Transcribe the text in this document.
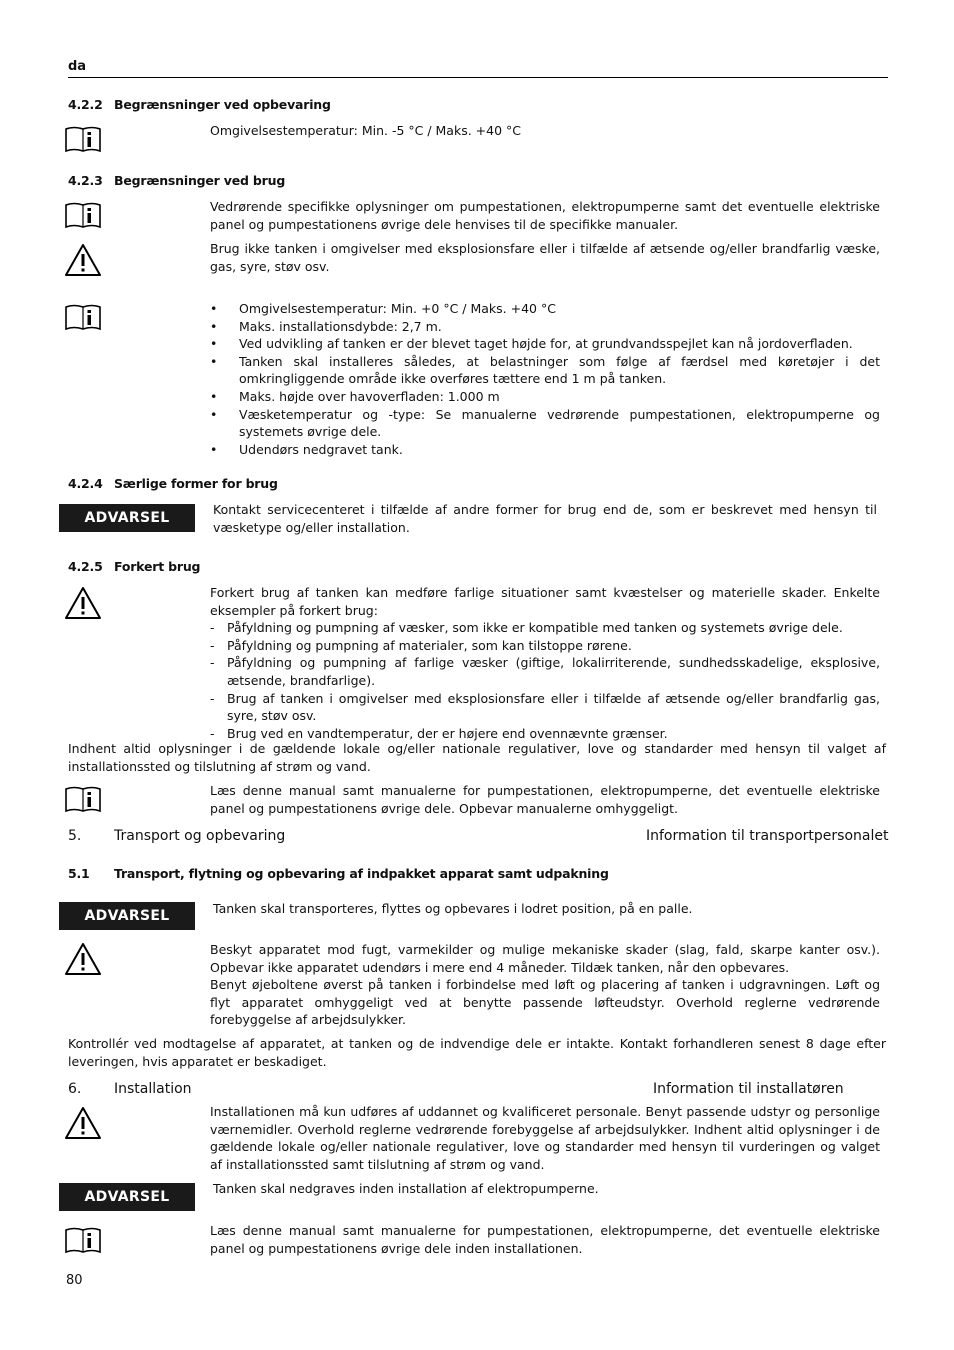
da
4.2.2 Begrænsninger ved opbevaring
Omgivelsestemperatur: Min. -5 °C / Maks. +40 °C
4.2.3 Begrænsninger ved brug
Vedrørende specifikke oplysninger om pumpestationen, elektropumperne samt det eventuelle elektriske panel og pumpestationens øvrige dele henvises til de specifikke manualer.
Brug ikke tanken i omgivelser med eksplosionsfare eller i tilfælde af ætsende og/eller brandfarlig væske, gas, syre, støv osv.
• Omgivelsestemperatur: Min. +0 °C / Maks. +40 °C
• Maks. installationsdybde: 2,7 m.
• Ved udvikling af tanken er der blevet taget højde for, at grundvandsspejlet kan nå jordoverfladen.
• Tanken skal installeres således, at belastninger som følge af færdsel med køretøjer i det omkringliggende område ikke overføres tættere end 1 m på tanken.
• Maks. højde over havoverfladen: 1.000 m
• Væsketemperatur og -type: Se manualerne vedrørende pumpestationen, elektropumperne og systemets øvrige dele.
• Udendørs nedgravet tank.
4.2.4 Særlige former for brug
ADVARSEL
Kontakt servicecenteret i tilfælde af andre former for brug end de, som er beskrevet med hensyn til væsketype og/eller installation.
4.2.5 Forkert brug
Forkert brug af tanken kan medføre farlige situationer samt kvæstelser og materielle skader. Enkelte eksempler på forkert brug:
- Påfyldning og pumpning af væsker, som ikke er kompatible med tanken og systemets øvrige dele.
- Påfyldning og pumpning af materialer, som kan tilstoppe rørene.
- Påfyldning og pumpning af farlige væsker (giftige, lokalirriterende, sundhedsskadelige, eksplosive, ætsende, brandfarlige).
- Brug af tanken i omgivelser med eksplosionsfare eller i tilfælde af ætsende og/eller brandfarlig gas, syre, støv osv.
- Brug ved en vandtemperatur, der er højere end ovennævnte grænser.
Indhent altid oplysninger i de gældende lokale og/eller nationale regulativer, love og standarder med hensyn til valget af installationssted og tilslutning af strøm og vand.
Læs denne manual samt manualerne for pumpestationen, elektropumperne, det eventuelle elektriske panel og pumpestationens øvrige dele. Opbevar manualerne omhyggeligt.
5. Transport og opbevaring	Information til transportpersonalet
5.1 Transport, flytning og opbevaring af indpakket apparat samt udpakning
ADVARSEL	Tanken skal transporteres, flyttes og opbevares i lodret position, på en palle.
Beskyt apparatet mod fugt, varmekilder og mulige mekaniske skader (slag, fald, skarpe kanter osv.). Opbevar ikke apparatet udendørs i mere end 4 måneder. Tildæk tanken, når den opbevares.
Benyt øjeboltene øverst på tanken i forbindelse med løft og placering af tanken i udgravningen. Løft og flyt apparatet omhyggeligt ved at benytte passende løfteudstyr. Overhold reglerne vedrørende forebyggelse af arbejdsulykker.
Kontrollér ved modtagelse af apparatet, at tanken og de indvendige dele er intakte. Kontakt forhandleren senest 8 dage efter leveringen, hvis apparatet er beskadiget.
6. Installation	Information til installatøren
Installationen må kun udføres af uddannet og kvalificeret personale. Benyt passende udstyr og personlige værnemidler. Overhold reglerne vedrørende forebyggelse af arbejdsulykker. Indhent altid oplysninger i de gældende lokale og/eller nationale regulativer, love og standarder med hensyn til vurderingen og valget af installationssted samt tilslutning af strøm og vand.
ADVARSEL
Tanken skal nedgraves inden installation af elektropumperne.
Læs denne manual samt manualerne for pumpestationen, elektropumperne, det eventuelle elektriske panel og pumpestationens øvrige dele inden installationen.
80
